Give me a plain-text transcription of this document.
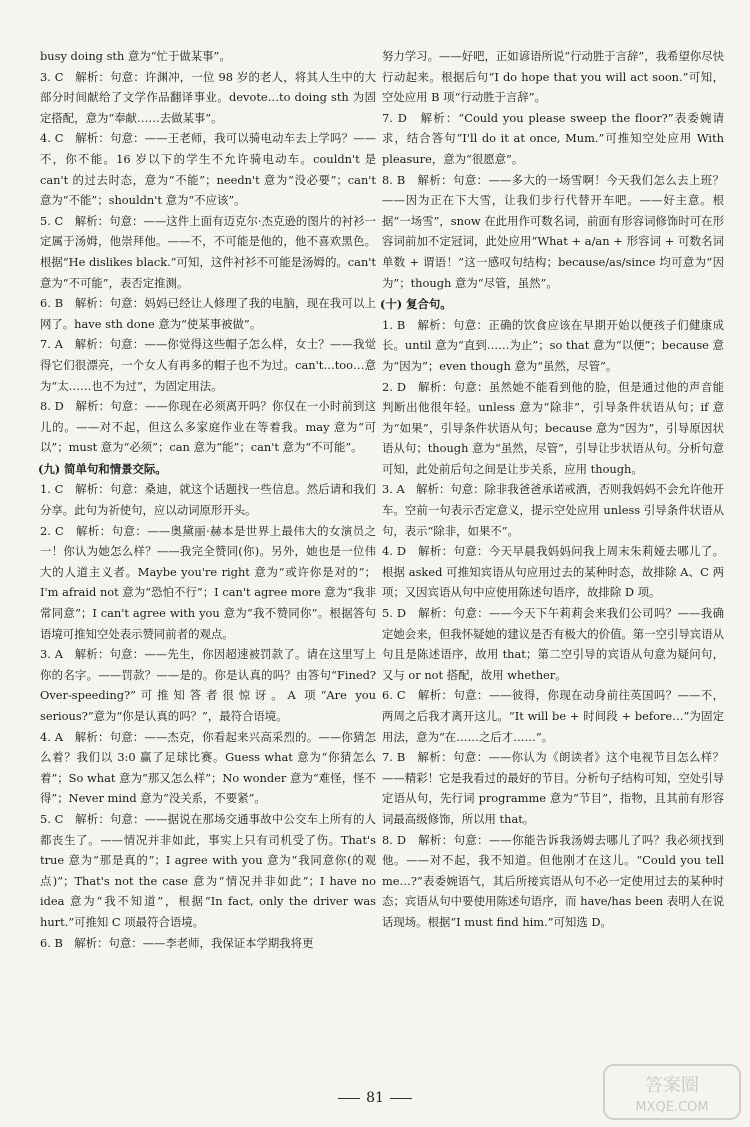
busy doing sth 意为“忙于做某事”。

3. C　解析：句意：许渊冲，一位 98 岁的老人，将其人生中的大部分时间献给了文学作品翻译事业。devote…to doing sth 为固定搭配，意为“奉献……去做某事”。

4. C　解析：句意：——王老师，我可以骑电动车去上学吗？——不，你不能。16 岁以下的学生不允许骑电动车。couldn't 是 can't 的过去时态，意为“不能”；needn't 意为“没必要”；can't 意为“不能”；shouldn't 意为“不应该”。

5. C　解析：句意：——这件上面有迈克尔·杰克逊的图片的衬衫一定属于汤姆，他崇拜他。——不，不可能是他的，他不喜欢黑色。根据“He dislikes black.”可知，这件衬衫不可能是汤姆的。can't 意为“不可能”，表否定推测。

6. B　解析：句意：妈妈已经让人修理了我的电脑，现在我可以上网了。have sth done 意为“使某事被做”。

7. A　解析：句意：——你觉得这些帽子怎么样，女士？——我觉得它们很漂亮，一个女人有再多的帽子也不为过。can't…too…意为“太……也不为过”，为固定用法。

8. D　解析：句意：——你现在必须离开吗？你仅在一小时前到这儿的。——对不起，但这么多家庭作业在等着我。may 意为“可以”；must 意为“必须”；can 意为“能”；can't 意为“不可能”。

(九) 简单句和情景交际。

1. C　解析：句意：桑迪，就这个话题找一些信息。然后请和我们分享。此句为祈使句，应以动词原形开头。

2. C　解析：句意：——奥黛丽·赫本是世界上最伟大的女演员之一！你认为她怎么样？——我完全赞同(你)。另外，她也是一位伟大的人道主义者。Maybe you're right 意为“或许你是对的”；I'm afraid not 意为“恐怕不行”；I can't agree more 意为“我非常同意”；I can't agree with you 意为“我不赞同你”。根据答句语境可推知空处表示赞同前者的观点。

3. A　解析：句意：——先生，你因超速被罚款了。请在这里写上你的名字。——罚款？——是的。你是认真的吗？由答句“Fined? Over-speeding?”可推知答者很惊讶。A 项“Are you serious?”意为“你是认真的吗？”，最符合语境。

4. A　解析：句意：——杰克，你看起来兴高采烈的。——你猜怎么着？我们以 3:0 赢了足球比赛。Guess what 意为“你猜怎么着”；So what 意为“那又怎么样”；No wonder 意为“难怪，怪不得”；Never mind 意为“没关系，不要紧”。

5. C　解析：句意：——据说在那场交通事故中公交车上所有的人都丧生了。——情况并非如此，事实上只有司机受了伤。That's true 意为“那是真的”；I agree with you 意为“我同意你(的观点)”；That's not the case 意为“情况并非如此”；I have no idea 意为“我不知道”，根据“In fact, only the driver was hurt.”可推知 C 项最符合语境。

6. B　解析：句意：——李老师，我保证本学期我将更

努力学习。——好吧，正如谚语所说“行动胜于言辞”，我希望你尽快行动起来。根据后句“I do hope that you will act soon.”可知，空处应用 B 项“行动胜于言辞”。

7. D　解析：“Could you please sweep the floor?”表委婉请求，结合答句“I'll do it at once, Mum.”可推知空处应用 With pleasure，意为“很愿意”。

8. B　解析：句意：——多大的一场雪啊！今天我们怎么去上班？——因为正在下大雪，让我们步行代替开车吧。——好主意。根据“一场雪”，snow 在此用作可数名词，前面有形容词修饰时可在形容词前加不定冠词，此处应用“What + a/an + 形容词 + 可数名词单数 + 谓语！”这一感叹句结构；because/as/since 均可意为“因为”；though 意为“尽管，虽然”。

(十) 复合句。

1. B　解析：句意：正确的饮食应该在早期开始以便孩子们健康成长。until 意为“直到……为止”；so that 意为“以便”；because 意为“因为”；even though 意为“虽然，尽管”。

2. D　解析：句意：虽然她不能看到他的脸，但是通过他的声音能判断出他很年轻。unless 意为“除非”，引导条件状语从句；if 意为“如果”，引导条件状语从句；because 意为“因为”，引导原因状语从句；though 意为“虽然，尽管”，引导让步状语从句。分析句意可知，此处前后句之间是让步关系，应用 though。

3. A　解析：句意：除非我爸爸承诺戒酒，否则我妈妈不会允许他开车。空前一句表示否定意义，提示空处应用 unless 引导条件状语从句，表示“除非，如果不”。

4. D　解析：句意：今天早晨我妈妈问我上周末朱莉娅去哪儿了。根据 asked 可推知宾语从句应用过去的某种时态，故排除 A、C 两项；又因宾语从句中应使用陈述句语序，故排除 D 项。

5. D　解析：句意：——今天下午莉莉会来我们公司吗？——我确定她会来，但我怀疑她的建议是否有极大的价值。第一空引导宾语从句且是陈述语序，故用 that；第二空引导的宾语从句意为疑问句，又与 or not 搭配，故用 whether。

6. C　解析：句意：——彼得，你现在动身前往英国吗？——不，两周之后我才离开这儿。“It will be + 时间段 + before…”为固定用法，意为“在……之后才……”。

7. B　解析：句意：——你认为《朗读者》这个电视节目怎么样？——精彩！它是我看过的最好的节目。分析句子结构可知，空处引导定语从句，先行词 programme 意为“节目”，指物，且其前有形容词最高级修饰，所以用 that。

8. D　解析：句意：——你能告诉我汤姆去哪儿了吗？我必须找到他。——对不起，我不知道。但他刚才在这儿。“Could you tell me…?”表委婉语气，其后所接宾语从句不必一定使用过去的某种时态；宾语从句中要使用陈述句语序，而 have/has been 表明人在说话现场。根据“I must find him.”可知选 D。

81
答案圈
MXQE.COM
